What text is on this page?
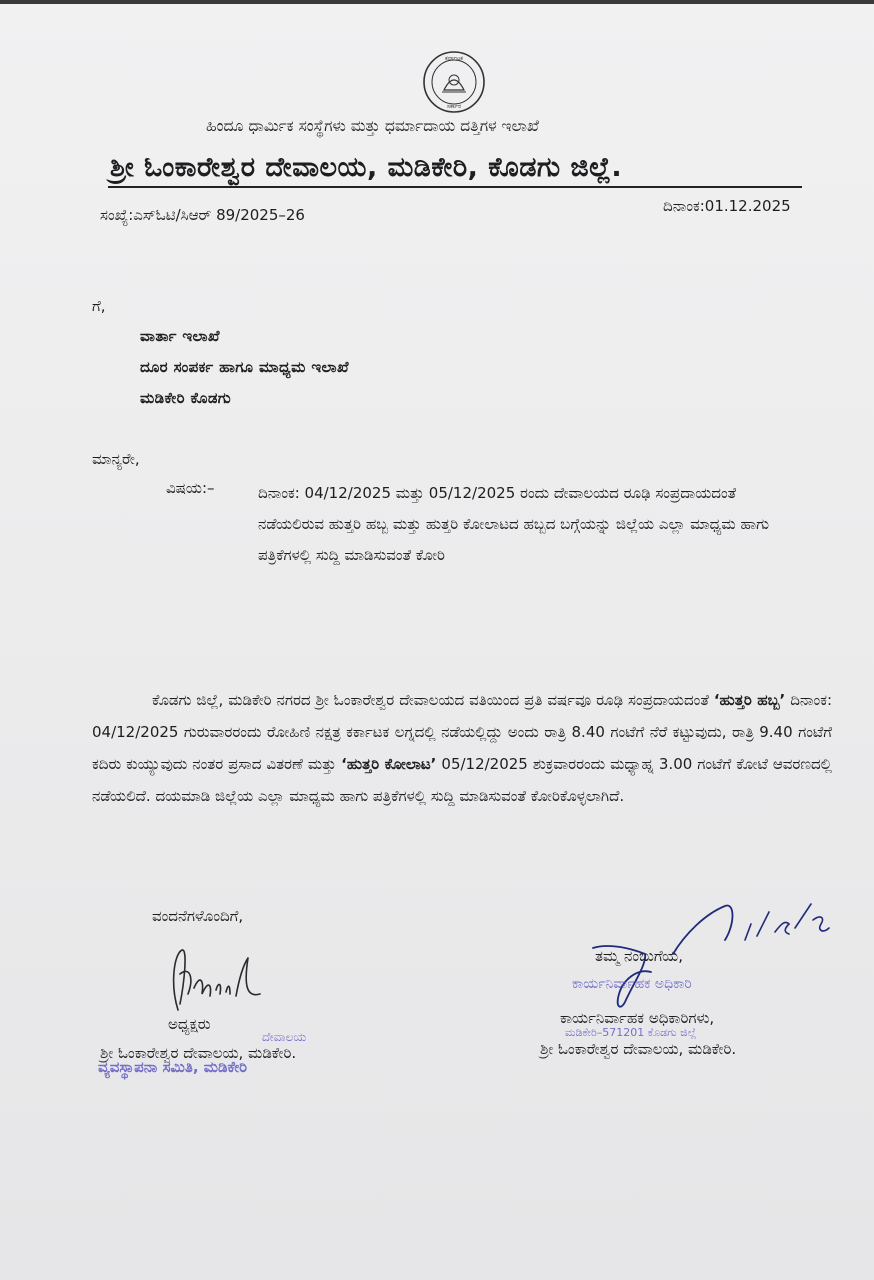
ಕರ್ನಾಟಕ
ಸರ್ಕಾರ
ಹಿಂದೂ ಧಾರ್ಮಿಕ ಸಂಸ್ಥೆಗಳು ಮತ್ತು ಧರ್ಮಾದಾಯ ದತ್ತಿಗಳ ಇಲಾಖೆ
ಶ್ರೀ ಓಂಕಾರೇಶ್ವರ ದೇವಾಲಯ, ಮಡಿಕೇರಿ, ಕೊಡಗು ಜಿಲ್ಲೆ.
ಸಂಖ್ಯೆ:ಎಸ್‌ಓಟಿ/ಸಿಆರ್ 89/2025–26	ದಿನಾಂಕ:01.12.2025
ಗೆ,
ವಾರ್ತಾ ಇಲಾಖೆ
ದೂರ ಸಂಪರ್ಕ ಹಾಗೂ ಮಾಧ್ಯಮ ಇಲಾಖೆ
ಮಡಿಕೇರಿ ಕೊಡಗು
ಮಾನ್ಯರೇ,
ವಿಷಯ:–	ದಿನಾಂಕ: 04/12/2025 ಮತ್ತು 05/12/2025 ರಂದು ದೇವಾಲಯದ ರೂಢಿ ಸಂಪ್ರದಾಯದಂತೆ ನಡೆಯಲಿರುವ ಹುತ್ತರಿ ಹಬ್ಬ ಮತ್ತು ಹುತ್ತರಿ ಕೋಲಾಟದ ಹಬ್ಬದ ಬಗ್ಗೆಯನ್ನು ಜಿಲ್ಲೆಯ ಎಲ್ಲಾ ಮಾಧ್ಯಮ ಹಾಗು ಪತ್ರಿಕೆಗಳಲ್ಲಿ ಸುದ್ದಿ ಮಾಡಿಸುವಂತೆ ಕೋರಿ
ಕೊಡಗು ಜಿಲ್ಲೆ, ಮಡಿಕೇರಿ ನಗರದ ಶ್ರೀ ಓಂಕಾರೇಶ್ವರ ದೇವಾಲಯದ ವತಿಯಿಂದ ಪ್ರತಿ ವರ್ಷವೂ ರೂಢಿ ಸಂಪ್ರದಾಯದಂತೆ ‘ಹುತ್ತರಿ ಹಬ್ಬ’ ದಿನಾಂಕ: 04/12/2025 ಗುರುವಾರರಂದು ರೋಹಿಣಿ ನಕ್ಷತ್ರ ಕರ್ಕಾಟಕ ಲಗ್ನದಲ್ಲಿ ನಡೆಯಲ್ಲಿದ್ದು ಅಂದು ರಾತ್ರಿ 8.40 ಗಂಟೆಗೆ ನೆರೆ ಕಟ್ಟುವುದು, ರಾತ್ರಿ 9.40 ಗಂಟೆಗೆ ಕದಿರು ಕುಯ್ಯುವುದು ನಂತರ ಪ್ರಸಾದ ವಿತರಣೆ ಮತ್ತು ‘ಹುತ್ತರಿ ಕೋಲಾಟ’ 05/12/2025 ಶುಕ್ರವಾರರಂದು ಮಧ್ಯಾಹ್ನ 3.00 ಗಂಟೆಗೆ ಕೋಟೆ ಆವರಣದಲ್ಲಿ ನಡೆಯಲಿದೆ. ದಯಮಾಡಿ ಜಿಲ್ಲೆಯ ಎಲ್ಲಾ ಮಾಧ್ಯಮ ಹಾಗು ಪತ್ರಿಕೆಗಳಲ್ಲಿ ಸುದ್ದಿ ಮಾಡಿಸುವಂತೆ ಕೋರಿಕೊಳ್ಳಲಾಗಿದೆ.
ವಂದನೆಗಳೊಂದಿಗೆ,
ಅಧ್ಯಕ್ಷರು
ಶ್ರೀ ಓಂಕಾರೇಶ್ವರ ದೇವಾಲಯ, ಮಡಿಕೇರಿ.
ದೇವಾಲಯ
ವ್ಯವಸ್ಥಾಪನಾ ಸಮಿತಿ, ಮಡಿಕೇರಿ
1/12/25
ತಮ್ಮ ನಂಬುಗೆಯ,
ಕಾರ್ಯನಿರ್ವಾಹಕ ಅಧಿಕಾರಿ
ಕಾರ್ಯನಿರ್ವಾಹಕ ಅಧಿಕಾರಿಗಳು,
ಮಡಿಕೇರಿ–571201 ಕೊಡಗು ಜಿಲ್ಲೆ
ಶ್ರೀ ಓಂಕಾರೇಶ್ವರ ದೇವಾಲಯ, ಮಡಿಕೇರಿ.
